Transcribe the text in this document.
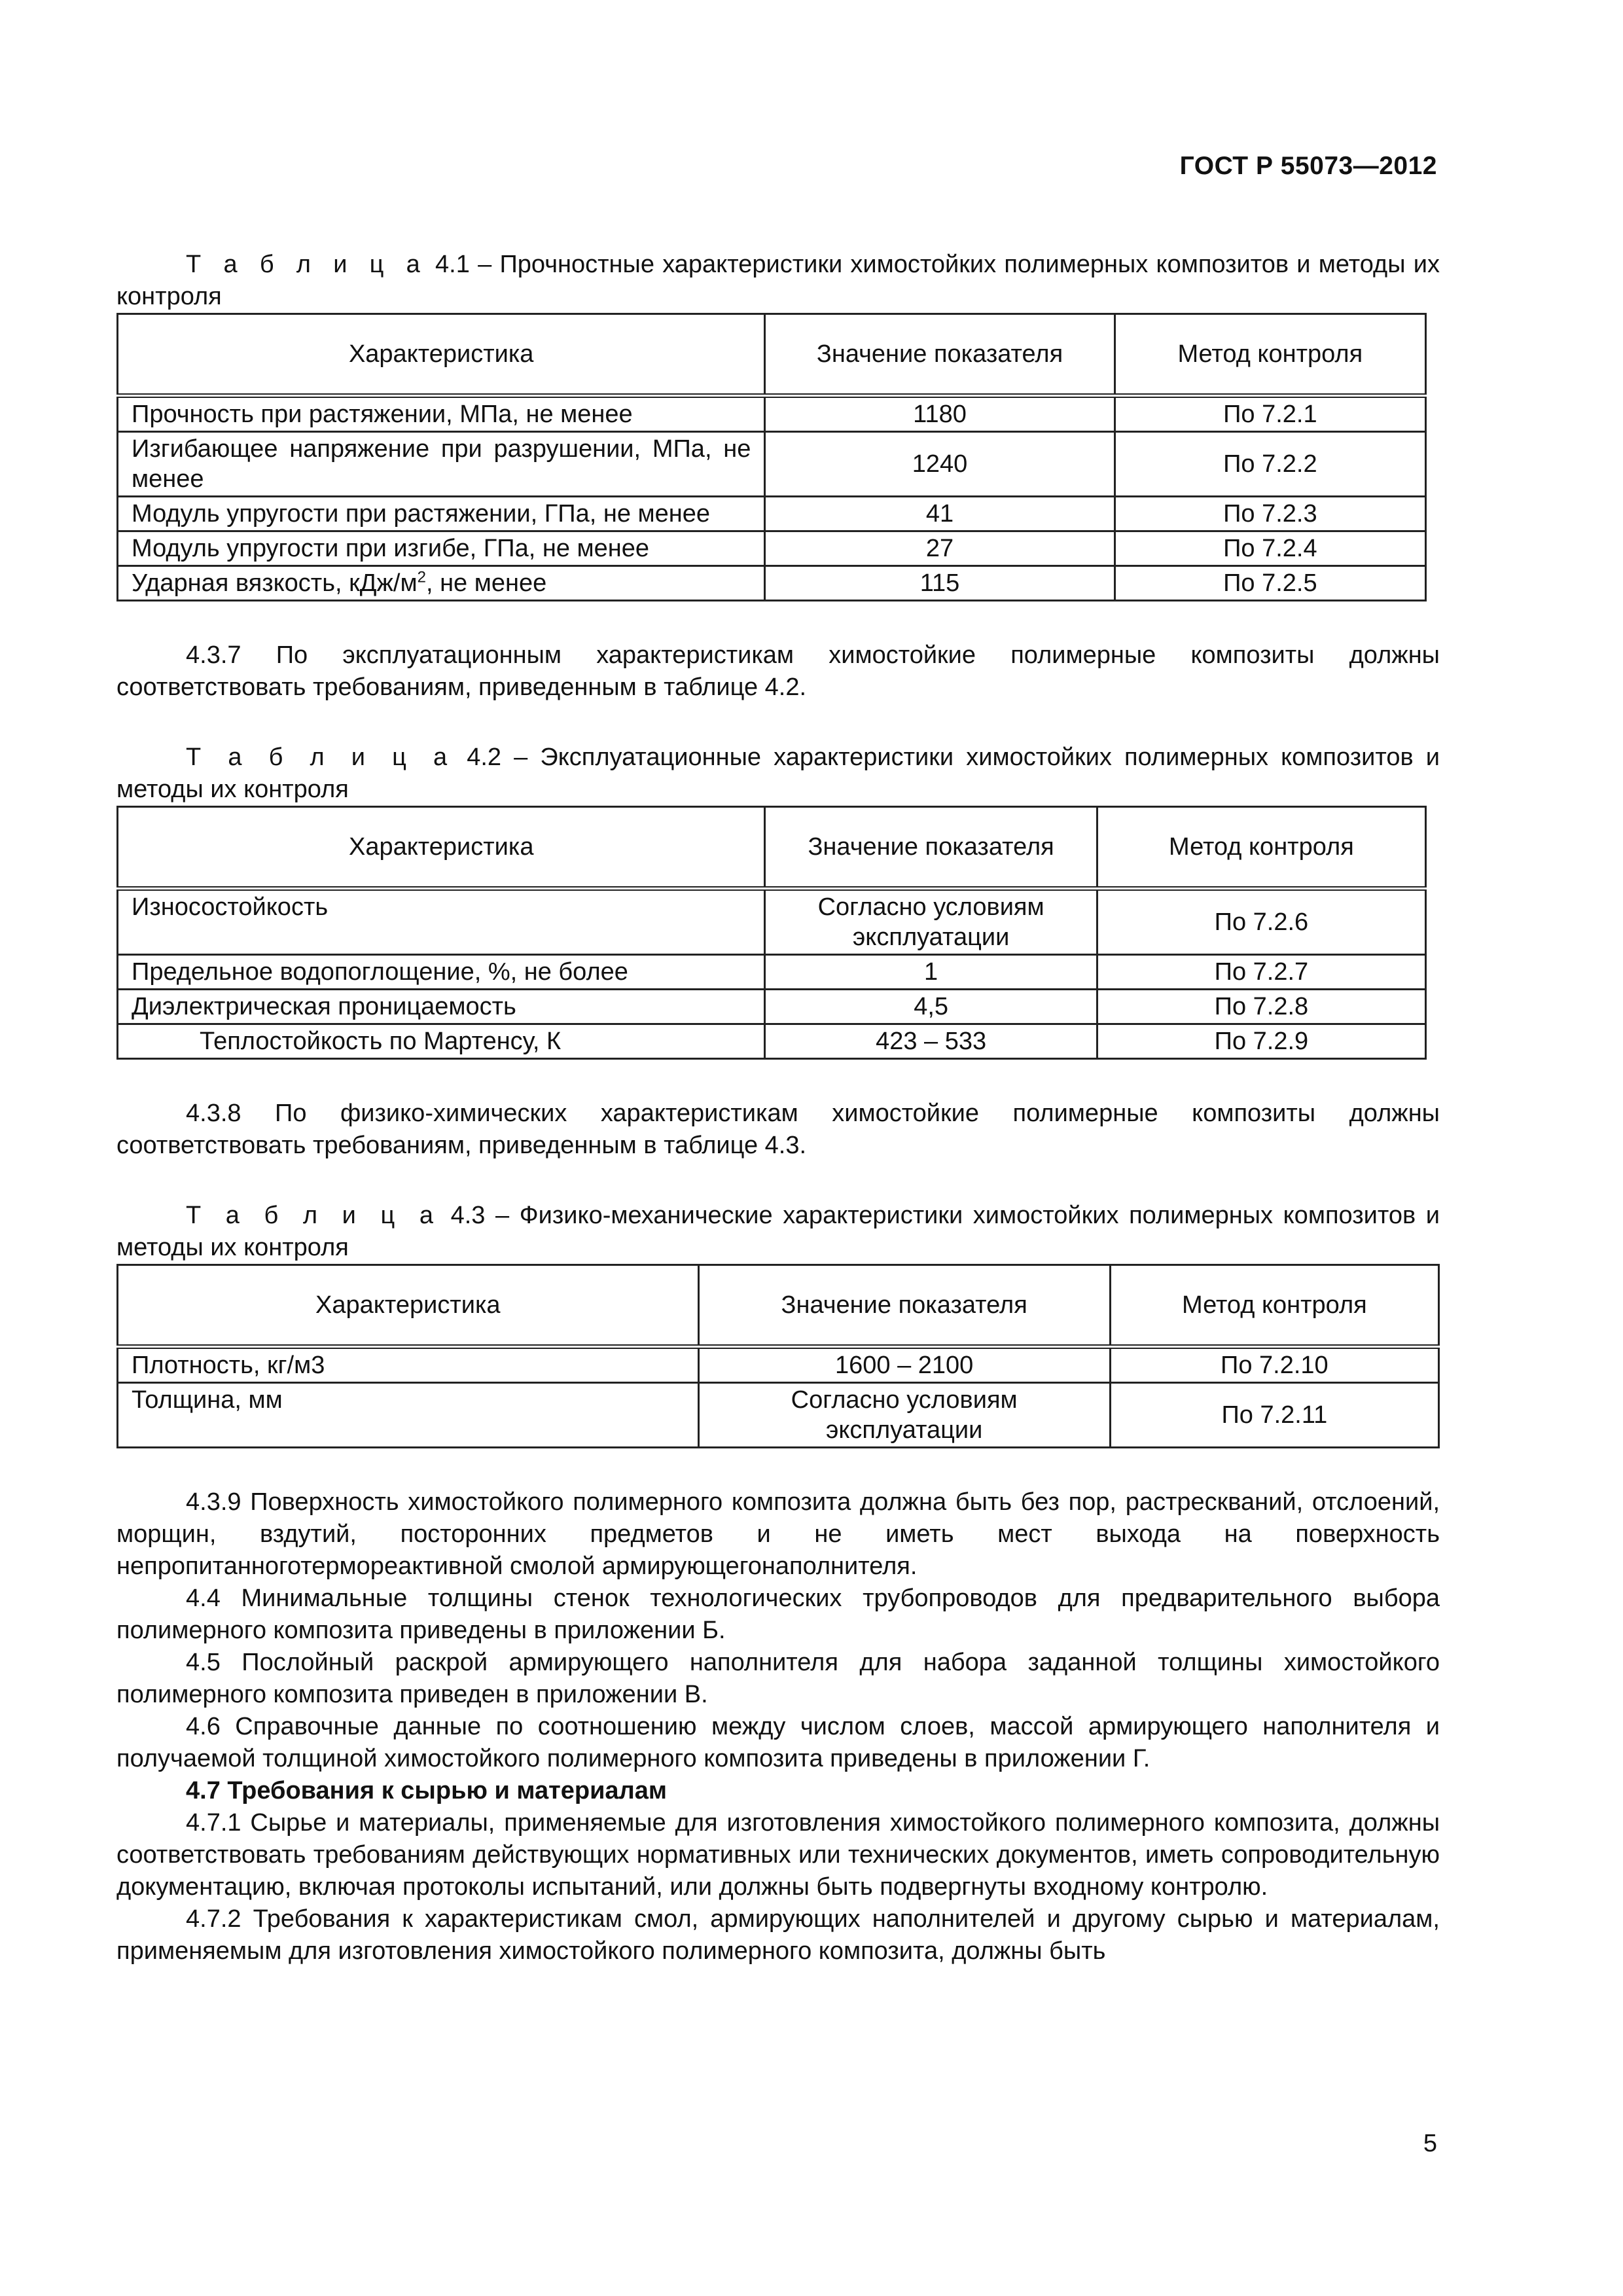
ГОСТ Р 55073—2012

Т а б л и ц а 4.1 – Прочностные характеристики химостойких полимерных композитов и методы их контроля

Характеристика	Значение показателя	Метод контроля
Прочность при растяжении, МПа, не менее	1180	По 7.2.1
Изгибающее напряжение при разрушении, МПа, не менее	1240	По 7.2.2
Модуль упругости при растяжении, ГПа, не менее	41	По 7.2.3
Модуль упругости при изгибе, ГПа, не менее	27	По 7.2.4
Ударная вязкость, кДж/$м^2$, не менее	115	По 7.2.5

4.3.7 По эксплуатационным характеристикам химостойкие полимерные композиты должны соответствовать требованиям, приведенным в таблице 4.2.

Т а б л и ц а 4.2 – Эксплуатационные характеристики химостойких полимерных композитов и методы их контроля

Характеристика	Значение показателя	Метод контроля
Износостойкость	Согласно условиям эксплуатации	По 7.2.6
Предельное водопоглощение, %, не более	1	По 7.2.7
Диэлектрическая проницаемость	4,5	По 7.2.8
Теплостойкость по Мартенсу, К	423 – 533	По 7.2.9

4.3.8 По физико-химических характеристикам химостойкие полимерные композиты должны соответствовать требованиям, приведенным в таблице 4.3.

Т а б л и ц а 4.3 – Физико-механические характеристики химостойких полимерных композитов и методы их контроля

Характеристика	Значение показателя	Метод контроля
Плотность, кг/м3	1600 – 2100	По 7.2.10
Толщина, мм	Согласно условиям эксплуатации	По 7.2.11

4.3.9 Поверхность химостойкого полимерного композита должна быть без пор, растрескваний, отслоений, морщин, вздутий, посторонних предметов и не иметь мест выхода на поверхность непропитанноготермореактивной смолой армирующегонаполнителя.

4.4 Минимальные толщины стенок технологических трубопроводов для предварительного выбора полимерного композита приведены в приложении Б.

4.5 Послойный раскрой армирующего наполнителя для набора заданной толщины химостойкого полимерного композита приведен в приложении В.

4.6 Справочные данные по соотношению между числом слоев, массой армирующего наполнителя и получаемой толщиной химостойкого полимерного композита приведены в приложении Г.

4.7 Требования к сырью и материалам

4.7.1 Сырье и материалы, применяемые для изготовления химостойкого полимерного композита, должны соответствовать требованиям действующих нормативных или технических документов, иметь сопроводительную документацию, включая протоколы испытаний, или должны быть подвергнуты входному контролю.

4.7.2 Требования к характеристикам смол, армирующих наполнителей и другому сырью и материалам, применяемым для изготовления химостойкого полимерного композита, должны быть

5
